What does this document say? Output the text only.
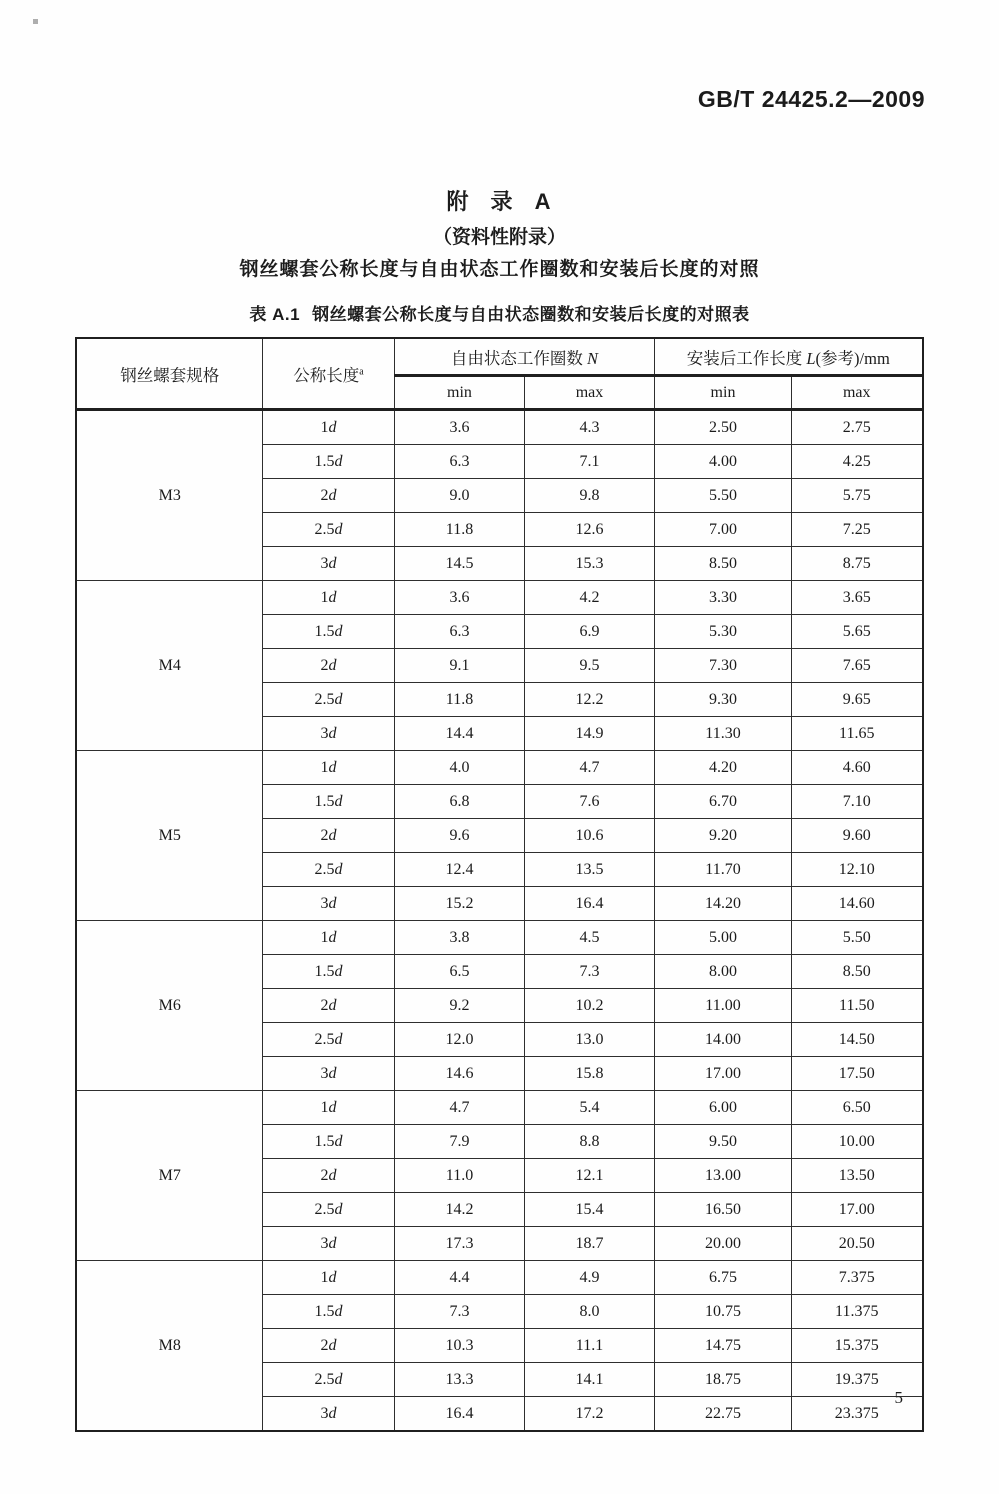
GB/T 24425.2—2009
附 录 A
（资料性附录）
钢丝螺套公称长度与自由状态工作圈数和安装后长度的对照
表 A.1 钢丝螺套公称长度与自由状态圈数和安装后长度的对照表
钢丝螺套规格	公称长度$^a$	自由状态工作圈数 N		安装后工作长度 L(参考)/mm	
		min	max	min	max
M3	1d	3.6	4.3	2.50	2.75
	1.5d	6.3	7.1	4.00	4.25
	2d	9.0	9.8	5.50	5.75
	2.5d	11.8	12.6	7.00	7.25
	3d	14.5	15.3	8.50	8.75
M4	1d	3.6	4.2	3.30	3.65
	1.5d	6.3	6.9	5.30	5.65
	2d	9.1	9.5	7.30	7.65
	2.5d	11.8	12.2	9.30	9.65
	3d	14.4	14.9	11.30	11.65
M5	1d	4.0	4.7	4.20	4.60
	1.5d	6.8	7.6	6.70	7.10
	2d	9.6	10.6	9.20	9.60
	2.5d	12.4	13.5	11.70	12.10
	3d	15.2	16.4	14.20	14.60
M6	1d	3.8	4.5	5.00	5.50
	1.5d	6.5	7.3	8.00	8.50
	2d	9.2	10.2	11.00	11.50
	2.5d	12.0	13.0	14.00	14.50
	3d	14.6	15.8	17.00	17.50
M7	1d	4.7	5.4	6.00	6.50
	1.5d	7.9	8.8	9.50	10.00
	2d	11.0	12.1	13.00	13.50
	2.5d	14.2	15.4	16.50	17.00
	3d	17.3	18.7	20.00	20.50
M8	1d	4.4	4.9	6.75	7.375
	1.5d	7.3	8.0	10.75	11.375
	2d	10.3	11.1	14.75	15.375
	2.5d	13.3	14.1	18.75	19.375
	3d	16.4	17.2	22.75	23.375
5
